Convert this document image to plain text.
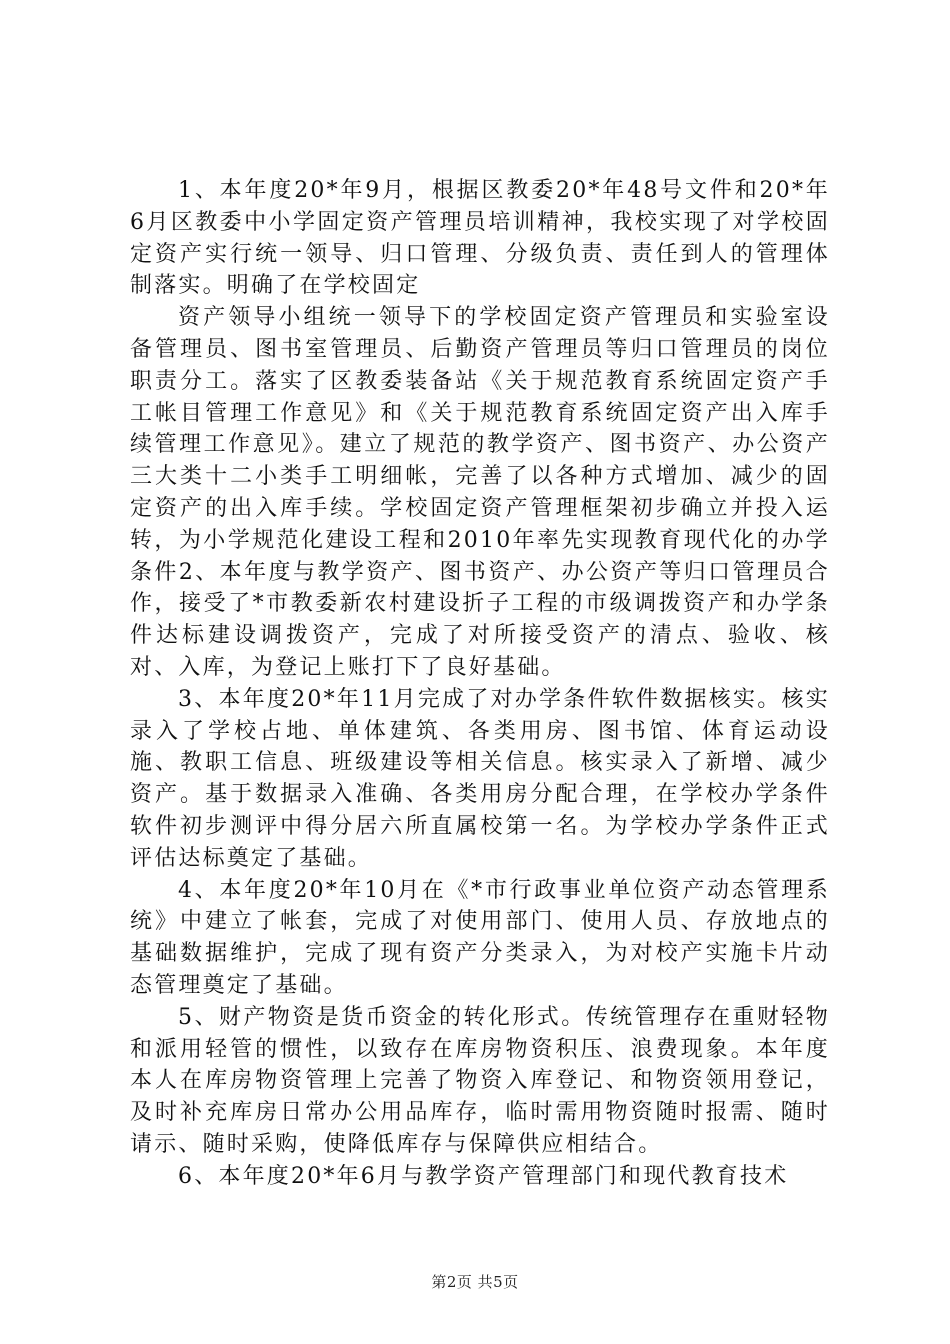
1、本年度20*年9月，根据区教委20*年48号文件和20*年6月区教委中小学固定资产管理员培训精神，我校实现了对学校固定资产实行统一领导、归口管理、分级负责、责任到人的管理体制落实。明确了在学校固定

资产领导小组统一领导下的学校固定资产管理员和实验室设备管理员、图书室管理员、后勤资产管理员等归口管理员的岗位职责分工。落实了区教委装备站《关于规范教育系统固定资产手工帐目管理工作意见》和《关于规范教育系统固定资产出入库手续管理工作意见》。建立了规范的教学资产、图书资产、办公资产三大类十二小类手工明细帐，完善了以各种方式增加、减少的固定资产的出入库手续。学校固定资产管理框架初步确立并投入运转，为小学规范化建设工程和2010年率先实现教育现代化的办学条件2、本年度与教学资产、图书资产、办公资产等归口管理员合作，接受了*市教委新农村建设折子工程的市级调拨资产和办学条件达标建设调拨资产，完成了对所接受资产的清点、验收、核对、入库，为登记上账打下了良好基础。

3、本年度20*年11月完成了对办学条件软件数据核实。核实录入了学校占地、单体建筑、各类用房、图书馆、体育运动设施、教职工信息、班级建设等相关信息。核实录入了新增、减少资产。基于数据录入准确、各类用房分配合理，在学校办学条件软件初步测评中得分居六所直属校第一名。为学校办学条件正式评估达标奠定了基础。

4、本年度20*年10月在《*市行政事业单位资产动态管理系统》中建立了帐套，完成了对使用部门、使用人员、存放地点的基础数据维护，完成了现有资产分类录入，为对校产实施卡片动态管理奠定了基础。

5、财产物资是货币资金的转化形式。传统管理存在重财轻物和派用轻管的惯性，以致存在库房物资积压、浪费现象。本年度本人在库房物资管理上完善了物资入库登记、和物资领用登记，及时补充库房日常办公用品库存，临时需用物资随时报需、随时请示、随时采购，使降低库存与保障供应相结合。

6、本年度20*年6月与教学资产管理部门和现代教育技术

第2页 共5页
